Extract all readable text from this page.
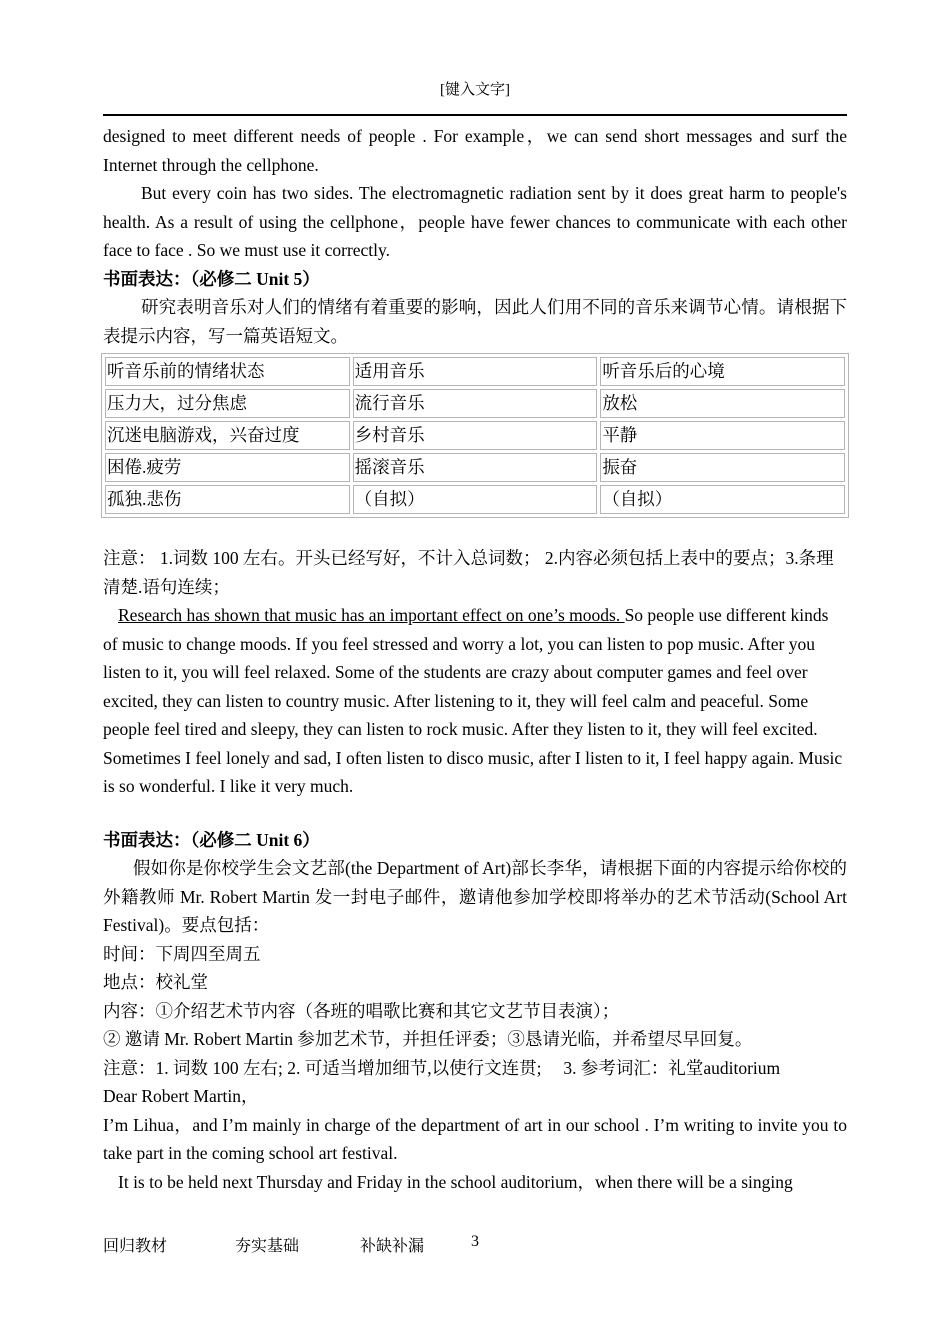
[键入文字]

designed to meet different needs of people . For example，we can send short messages and surf the Internet through the cellphone.

But every coin has two sides. The electromagnetic radiation sent by it does great harm to people's health. As a result of using the cellphone，people have fewer chances to communicate with each other face to face . So we must use it correctly.

书面表达：（必修二 Unit 5）

研究表明音乐对人们的情绪有着重要的影响，因此人们用不同的音乐来调节心情。请根据下表提示内容，写一篇英语短文。

听音乐前的情绪状态	适用音乐	听音乐后的心境
压力大，过分焦虑	流行音乐	放松
沉迷电脑游戏，兴奋过度	乡村音乐	平静
困倦.疲劳	摇滚音乐	振奋
孤独.悲伤	（自拟）	（自拟）

注意： 1.词数 100 左右。开头已经写好，不计入总词数； 2.内容必须包括上表中的要点；3.条理清楚.语句连续；

Research has shown that music has an important effect on one’s moods. So people use different kinds of music to change moods. If you feel stressed and worry a lot, you can listen to pop music. After you listen to it, you will feel relaxed. Some of the students are crazy about computer games and feel over excited, they can listen to country music. After listening to it, they will feel calm and peaceful. Some people feel tired and sleepy, they can listen to rock music. After they listen to it, they will feel excited. Sometimes I feel lonely and sad, I often listen to disco music, after I listen to it, I feel happy again. Music is so wonderful. I like it very much.

书面表达：（必修二 Unit 6）

假如你是你校学生会文艺部(the Department of Art)部长李华，请根据下面的内容提示给你校的外籍教师 Mr. Robert Martin 发一封电子邮件，邀请他参加学校即将举办的艺术节活动(School Art Festival)。要点包括：

时间：下周四至周五

地点：校礼堂

内容：①介绍艺术节内容（各班的唱歌比赛和其它文艺节目表演）；

② 邀请 Mr. Robert Martin 参加艺术节，并担任评委；③恳请光临，并希望尽早回复。

注意：1. 词数 100 左右; 2. 可适当增加细节,以使行文连贯;　 3. 参考词汇：礼堂auditorium

Dear Robert Martin，

I’m Lihua，and I’m mainly in charge of the department of art in our school . I’m writing to invite you to take part in the coming school art festival.

It is to be held next Thursday and Friday in the school auditorium，when there will be a singing

回归教材	夯实基础	补缺补漏	3
